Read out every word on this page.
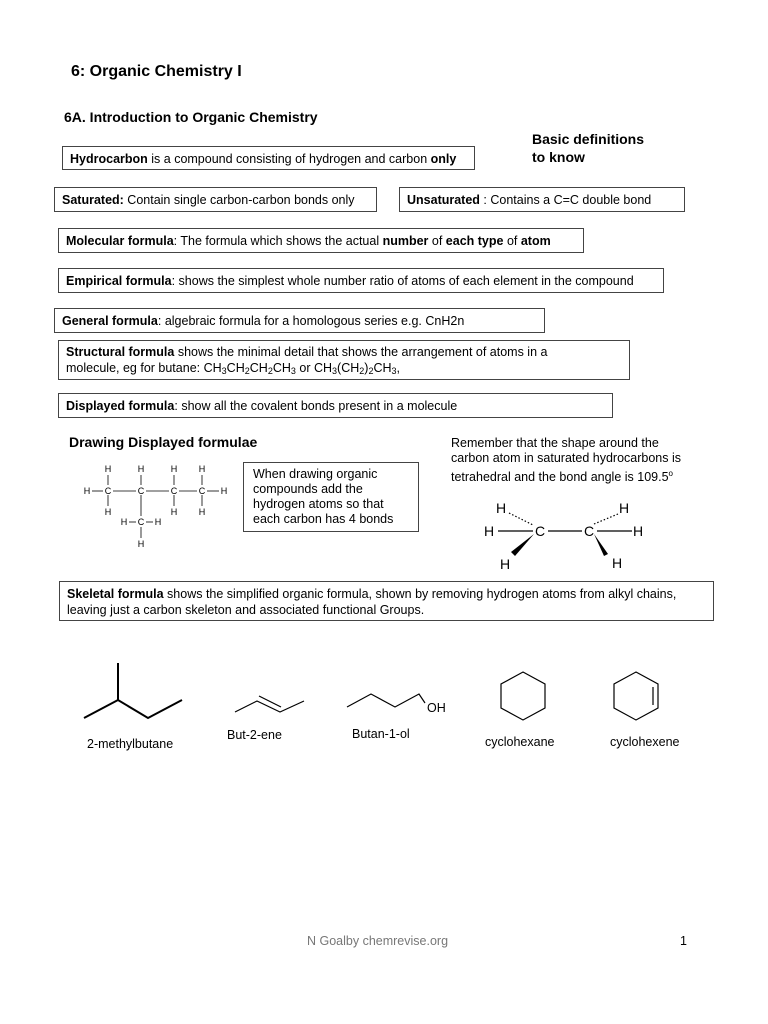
6: Organic Chemistry I
6A. Introduction to Organic Chemistry
Basic definitions
to know
Hydrocarbon is a compound consisting of hydrogen and carbon only
Saturated: Contain single carbon-carbon bonds only	Unsaturated : Contains a C=C double bond
Molecular formula: The formula which shows the actual number of each type of atom
Empirical formula: shows the simplest whole number ratio of atoms of each element in the compound
General formula: algebraic formula for a homologous series e.g. CnH2n
Structural formula shows the minimal detail that shows the arrangement of atoms in a
molecule, eg for butane: $CH_3CH_2CH_2CH_3$ or $CH_3(CH_2)_2CH_3$,
Displayed formula: show all the covalent bonds present in a molecule
Drawing Displayed formulae
H	H	H H
H C	C	C C H
H	H H
H C H
H
When drawing organic
compounds add the
hydrogen atoms so that
each carbon has 4 bonds
Remember that the shape around the
carbon atom in saturated hydrocarbons is
tetrahedral and the bond angle is 109.5$^o$
H
H	C	C
H
H
H	H
Skeletal formula shows the simplified organic formula, shown by removing hydrogen atoms from alkyl chains,
leaving just a carbon skeleton and associated functional Groups.
2-methylbutane
But-2-ene
OH
Butan-1-ol
cyclohexane	cyclohexene
N Goalby chemrevise.org	1
